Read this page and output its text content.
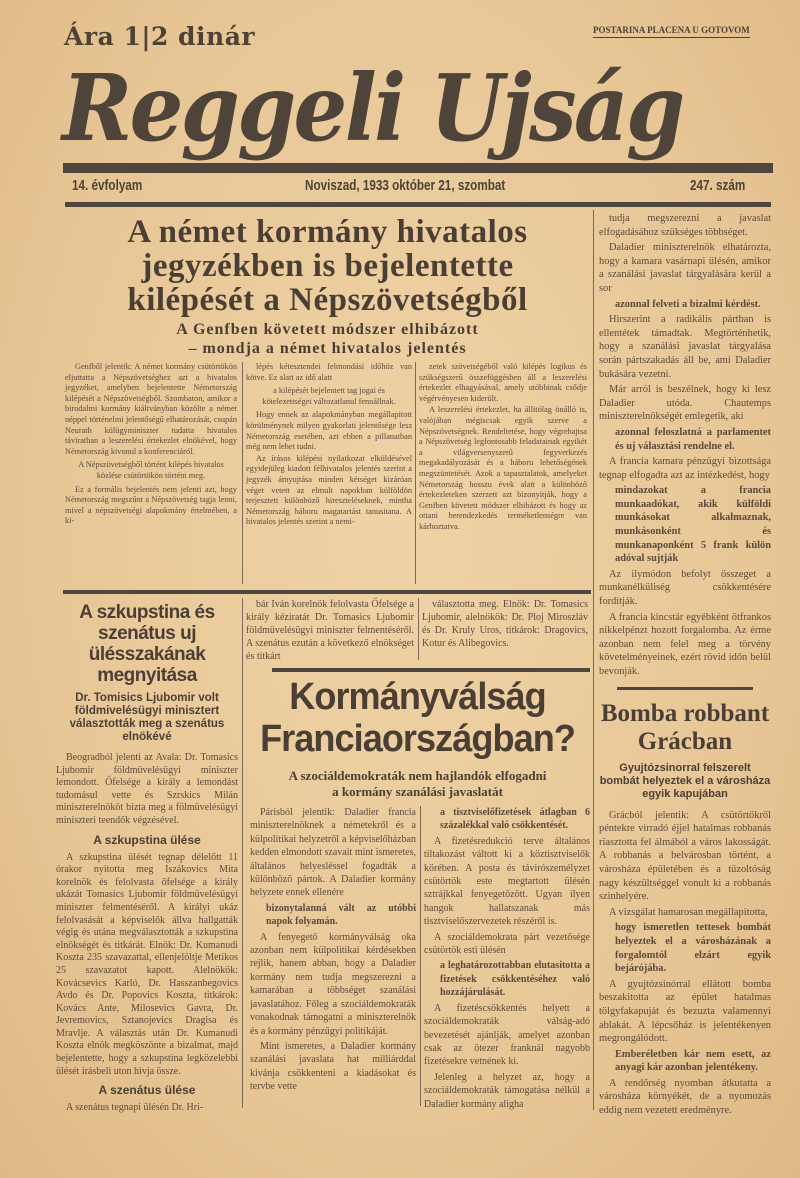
Ára 1|2 dinár	POSTARINA PLACENA U GOTOVOM
Reggeli Ujság
14. évfolyam	Noviszad, 1933 október 21, szombat	247. szám
A német kormány hivatalos
jegyzékben is bejelentette
kilépését a Népszövetségből
A Genfben követett módszer elhibázott
– mondja a német hivatalos jelentés

Genfből jelentik: A német kormány csütörtökön eljuttatta a Népszövetséghez azt a hivatalos jegyzéket, amelyben bejelentette Németország kilépését a Népszövetségből. Szombaton, amikor a birodalmi kormány kiáltványban közölte a német néppel történelmi jelentőségű elhatározását, csupán Neurath külügyminiszter tudatta hivatalos táviratban a leszerelési értekezlet elnökével, hogy Németország kivonul a konferenciáról.

A Népszövetségből történt kilépés hivatalos közlése csütörtökön történt meg.

Ez a formális bejelentés nem jelenti azt, hogy Németország megszűnt a Népszövetség tagja lenni, mivel a népszövetségi alapokmány értelmében, a ki-

lépés kétesztendei felmondási időhöz van kötve. Ez alatt az idő alatt

a kilépését bejelentett tag jogai és kötelezettségei változatlanul fennállnak.

Hogy ennek az alapokmányban megállapitott körülménynek milyen gyakorlati jelentősége lesz Németország esetében, azt ebben a pillanatban még nem lehet tudni.

Az írásos kilépési nyilatkozat elküldésével egyidejüleg kiadott félhivatalos jelentés szerint a jegyzék átnyujtása minden kétséget kizáróan véget vetett az elmult napokban külföldön terjesztett különböző hireszteléseknek, mintha Németország háboru magatartást tanusitana. A hivatalos jelentés szerint a nemi-

zetek szövetségéből való kilépés logikus és szükségszerű összefüggésben áll a leszerelési értekezlet elhagyásával, amely utóbbinak csődje végérvényesen kiderült.

A leszerelési értekezlet, ha állitólag önálló is, valójában mégiscsak egyik szerve a Népszövetségnek. Rendeltetése, hogy végrehajtsa a Népszövetség legfontosabb feladatainak egyikét a világversenyszerű fegyverkezés megakadályozását és a háboru lehetőségének megszüntetését. Azok a tapasztalatok, amelyeket Németország hosszu évek alatt a különböző értekezleteken szerzett azt bizonyitják, hogy a Genfben követett módszer elhibázott és hogy az ottani berendezkedés terméketlenségre van kárhoztatva.

tudja megszerezni a javaslat elfogadásához szükséges többséget.

Daladier miniszterelnök elhatározta, hogy a kamara vasárnapi ülésén, amikor a szanálási javaslat tárgyalására kerül a sor

azonnal felveti a bizalmi kérdést.

Hirszerint a radikális pártban is ellentétek támadtak. Megtörténhetik, hogy a szanálási javaslat tárgyalása során pártszakadás áll be, ami Daladier bukására vezetni.

Már arról is beszélnek, hogy ki lesz Daladier utóda. Chautemps miniszterelnökségét emlegetik, aki

azonnal feloszlatná a parlamentet és uj választási rendelne el.

A francia kamara pénzügyi bizottsága tegnap elfogadta azt az intézkedést, hogy

mindazokat a francia munkaadókat, akik külföldi munkásokat alkalmaznak, munkásonként és munkanaponként 5 frank külön adóval sujtják

Az ilymódon befolyt összeget a munkanélküliség csökkentésére forditják.

A francia kincstár egyébként ötfrankos nikkelpénzt hozott forgalomba. Az érme azonban nem felel meg a törvény követelményeinek, ezért rövid időn belül bevonják.

Bomba robbant
Grácban
Gyujtózsinorral felszerelt bombát helyeztek el a városháza egyik kapujában

Grácból jelentik: A csütörtökről péntekre virradó éjjel hatalmas robbanás riasztotta fel álmából a város lakosságát. A robbanás a belvárosban történt, a városháza épületében és a tüzoltóság nagy készültséggel vonult ki a robbanás szinhelyére.

A vizsgálat hamarosan megállapitotta,

hogy ismeretlen tettesek bombát helyeztek el a városházának a forgalomtól elzárt egyik bejárójába.

A gyujtózsinórral ellátott bomba beszakitotta az épület hatalmas tölgyfakapuját és bezuzta valamennyi ablakát. A lépcsőház is jelentékenyen megrongálódott.

Emberéletben kár nem esett, az anyagi kár azonban jelentékeny.

A rendőrség nyomban átkutatta a városháza környékét, de a nyomozás eddig nem vezetett eredményre.

A szkupstina és szenátus uj ülésszakának megnyitása
Dr. Tomisics Ljubomir volt földmivelésügyi minisztert választották meg a szenátus elnökévé

Beogradból jelenti az Avala: Dr. Tomasics Ljubomir földmüvelésügyi miniszter lemondott. Őfelsége a király a lemondást tudomásul vette és Szrskics Milán miniszterelnököt bizta meg a fölmüvelésügyi miniszteri teendők végzésével.

A szkupstina ülése

A szkupstina ülését tegnap délelőtt 11 órakor nyitotta meg Iszákovics Mita korelnök és felolvasta őfelsége a király ukázát Tomasics Ljubomir földmüvelésügyi miniszter felmentéséről. A királyi ukáz felolvasását a képviselők állva hallgatták végig és utána megválasztották a szkupstina elnökségét és titkárát. Elnök: Dr. Kumanudi Koszta 235 szavazattal, ellenjelöltje Metikos 25 szavazatot kapott. Alelnökök: Kovácsevics Karló, Dr. Hasszanbegovics Avdo és Dr. Popovics Koszta, titkárok: Kovács Ante, Milosevics Gavra, Dr. Jevremovics, Sztanojevics Dragisa és Mravlje. A választás után Dr. Kumanudi Koszta elnök megköszönte a bizalmat, majd bejelentette, hogy a szkupstina legközelebbi ülését írásbeli uton hivja össze.

A szenátus ülése

A szenátus tegnapi ülésén Dr. Hri-

bár Iván korelnök felolvasta Őfelsége a király kéziratát Dr. Tomasics Ljubomir földmüvelésügyi miniszter felmentéséről. A szenátus ezután a következő elnökséget és titkárt

választotta meg. Elnök: Dr. Tomasics Ljubomir, alelnökök: Dr. Ploj Miroszláv és Dr. Kruly Uros, titkárok: Dragovics, Kotur és Alibegovics.

Kormányválság
Franciaországban?
A szociáldemokraták nem hajlandók elfogadni
a kormány szanálási javaslatát

Párisból jelentik: Daladier francia miniszterelnöknek a németekről és a külpolitikai helyzetről a képviselőházban kedden elmondott szavait mint ismeretes, általános helyesléssel fogadták a különböző pártok. A Daladier kormány helyzete ennek ellenére

bizonytalanná vált az utóbbi napok folyamán.

A fenyegető kormányválság oka azonban nem külpolitikai kérdésekben rejlik, hanem abban, hogy a Daladier kormány nem tudja megszerezni a kamarában a többséget szanálási javaslatához. Főleg a szociáldemokraták vonakodnak támogatni a miniszterelnök és a kormány pénzügyi politikáját.

Mint ismeretes, a Daladier kormány szanálási javaslata hat milliárddal kivánja csökkenteni a kiadásokat és tervbe vette

a tisztviselőfizetések átlagban 6 százalékkal való csökkentését.

A fizetésredukció terve általános tiltakozást váltott ki a köztisztviselők körében. A posta és távirószemélyzet csütörtök este megtartott ülésén sztrájkkal fenyegetőzött. Ugyan ilyen hangok hallatszanak más tisztviselőszervezetek részéről is.

A szociáldemokrata párt vezetősége csütörtök esti ülésén

a leghatározottabban elutasitotta a fizetések csökkentéséhez való hozzájárulását.

A fizetéscsökkentés helyett a szociáldemokraták válság-adó bevezetését ajánlják, amelyet azonban csak az ötezer franknál nagyobb fizetésekre vetnének ki.

Jelenleg a helyzet az, hogy a szociáldemokraták támogatása nélkül a Daladier kormány aligha
